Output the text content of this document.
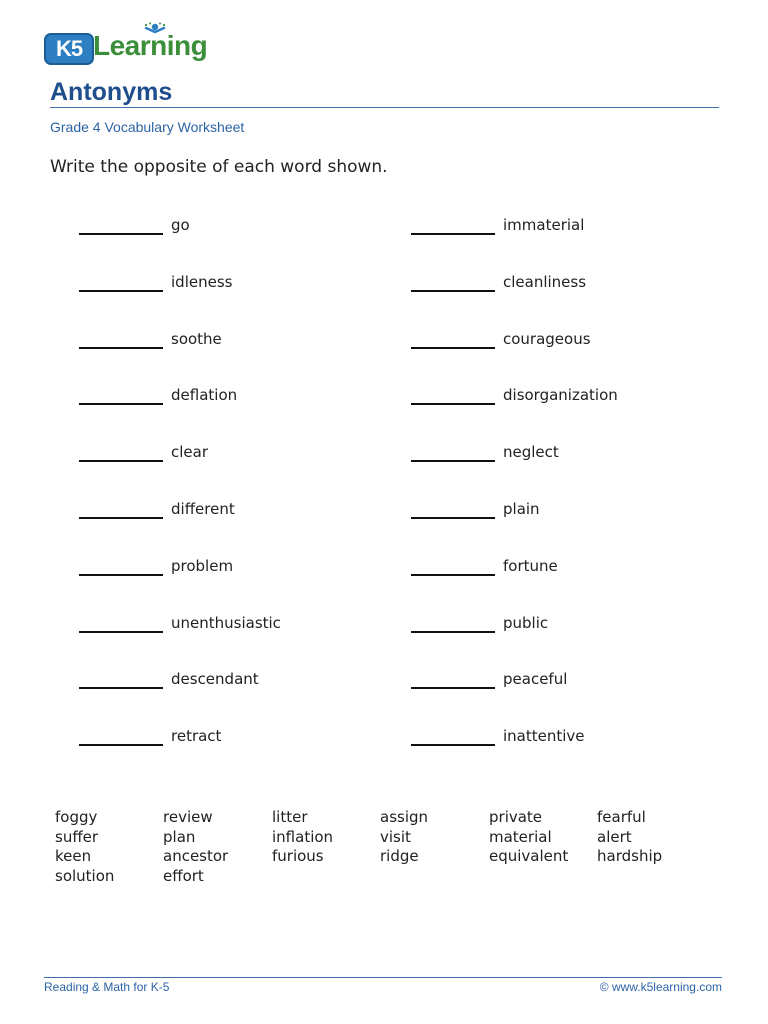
K5 Learning
Antonyms
Grade 4 Vocabulary Worksheet
Write the opposite of each word shown.
go
idleness
soothe
deflation
clear
different
problem
unenthusiastic
descendant
retract
immaterial
cleanliness
courageous
disorganization
neglect
plain
fortune
public
peaceful
inattentive
foggy
suffer
keen
solution
review
plan
ancestor
effort
litter
inflation
furious
assign
visit
ridge
private
material
equivalent
fearful
alert
hardship
Reading & Math for K-5	© www.k5learning.com
